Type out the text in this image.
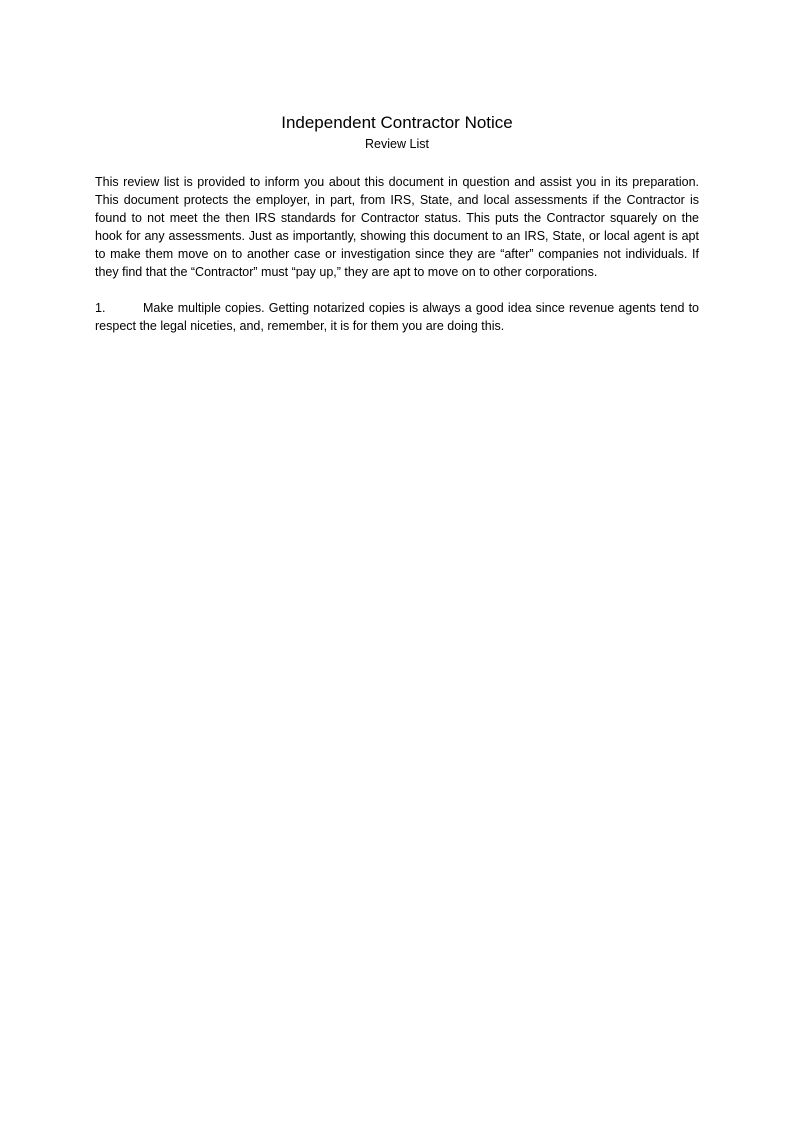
Independent Contractor Notice
Review List

This review list is provided to inform you about this document in question and assist you in its preparation. This document protects the employer, in part, from IRS, State, and local assessments if the Contractor is found to not meet the then IRS standards for Contractor status. This puts the Contractor squarely on the hook for any assessments. Just as importantly, showing this document to an IRS, State, or local agent is apt to make them move on to another case or investigation since they are “after” companies not individuals. If they find that the “Contractor” must “pay up,” they are apt to move on to other corporations.

1.	Make multiple copies. Getting notarized copies is always a good idea since revenue agents tend to respect the legal niceties, and, remember, it is for them you are doing this.
